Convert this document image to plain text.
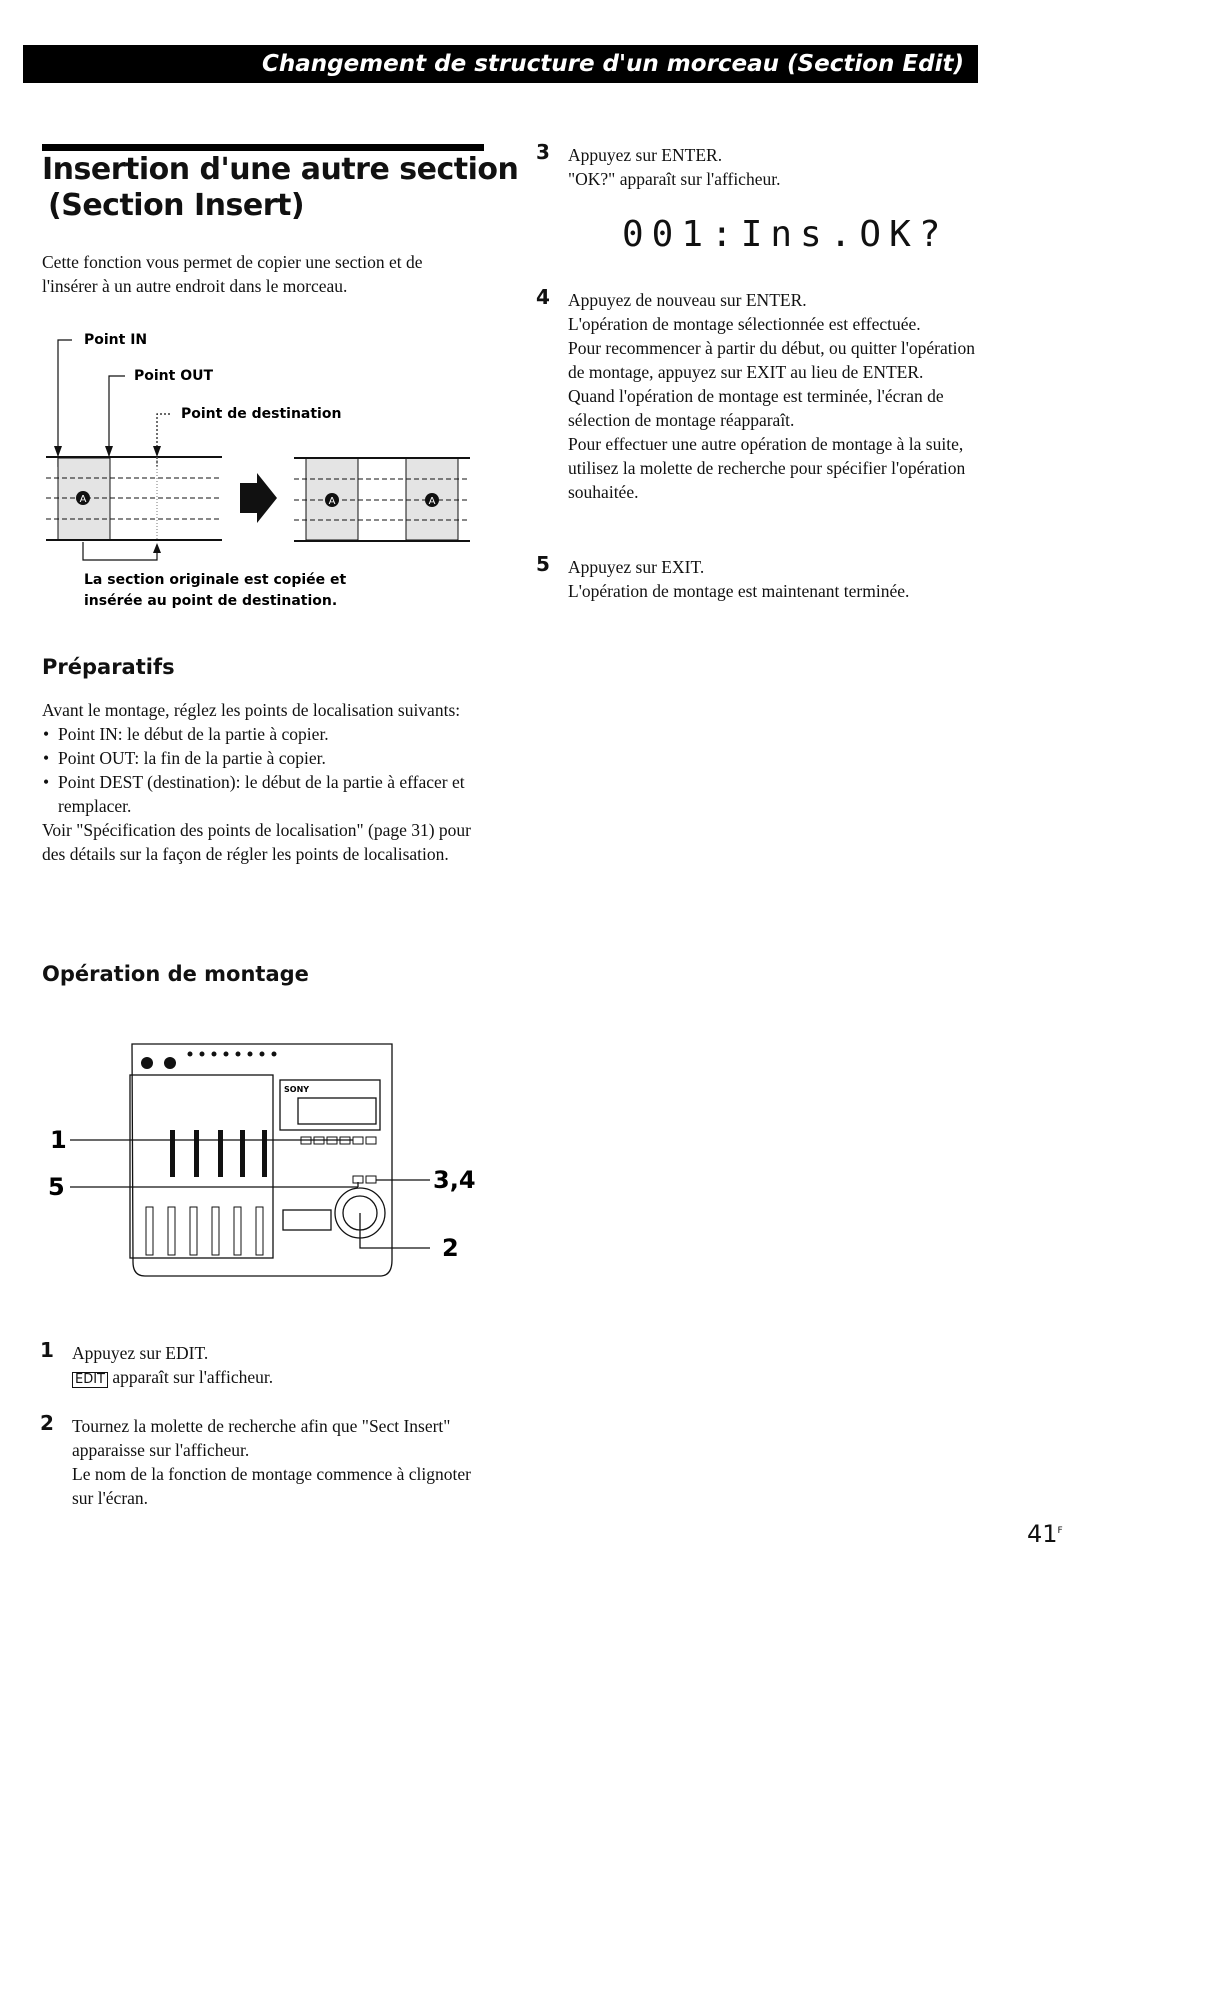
Changement de structure d'un morceau (Section Edit)
Insertion d'une autre section
(Section Insert)
Cette fonction vous permet de copier une section et de l'insérer à un autre endroit dans le morceau.
Point IN
Point OUT
Point de destination
A	A	A
La section originale est copiée et
insérée au point de destination.
Préparatifs
Avant le montage, réglez les points de localisation suivants:
• Point IN: le début de la partie à copier.
• Point OUT: la fin de la partie à copier.
• Point DEST (destination): le début de la partie à effacer et remplacer.
Voir "Spécification des points de localisation" (page 31) pour des détails sur la façon de régler les points de localisation.
Opération de montage
SONY
1
5	3,4
2
1 Appuyez sur EDIT.
EDIT apparaît sur l'afficheur.
2 Tournez la molette de recherche afin que "Sect Insert" apparaisse sur l'afficheur.
Le nom de la fonction de montage commence à clignoter sur l'écran.
3 Appuyez sur ENTER.
"OK?" apparaît sur l'afficheur.
001:Ins.OK?
4 Appuyez de nouveau sur ENTER.
L'opération de montage sélectionnée est effectuée.
Pour recommencer à partir du début, ou quitter l'opération de montage, appuyez sur EXIT au lieu de ENTER.
Quand l'opération de montage est terminée, l'écran de sélection de montage réapparaît.
Pour effectuer une autre opération de montage à la suite, utilisez la molette de recherche pour spécifier l'opération souhaitée.
5 Appuyez sur EXIT.
L'opération de montage est maintenant terminée.
$41^F$
